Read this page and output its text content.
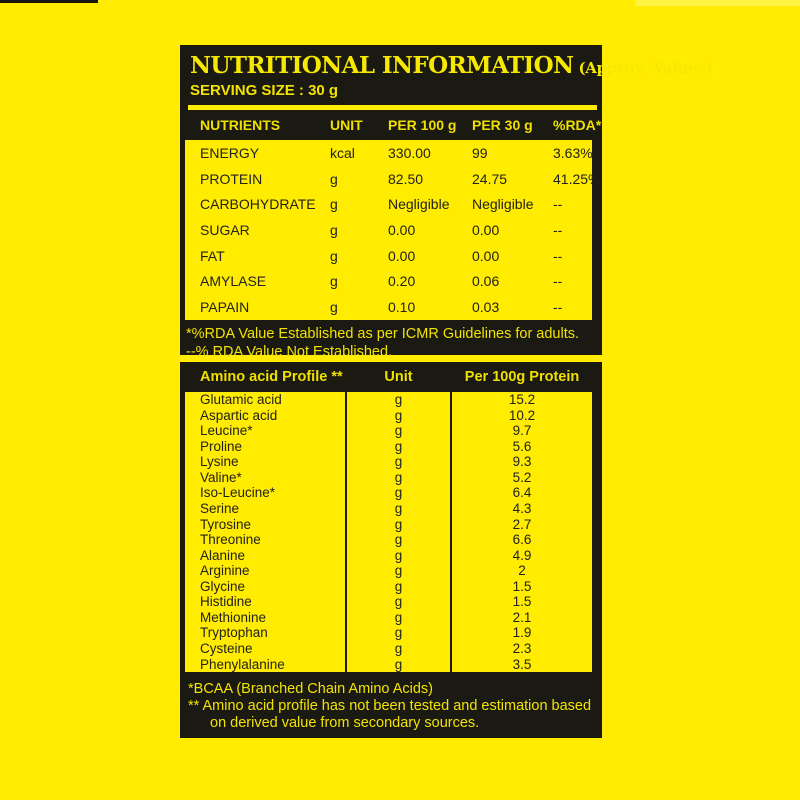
NUTRITIONAL INFORMATION (Approx. Values)
SERVING SIZE : 30 g
NUTRIENTS	UNIT	PER 100 g	PER 30 g	%RDA*
ENERGY	kcal	330.00	99	3.63%
PROTEIN	g	82.50	24.75	41.25%
CARBOHYDRATE	g	Negligible	Negligible	--
SUGAR	g	0.00	0.00	--
FAT	g	0.00	0.00	--
AMYLASE	g	0.20	0.06	--
PAPAIN	g	0.10	0.03	--
*%RDA Value Established as per ICMR Guidelines for adults.
--% RDA Value Not Established.
Amino acid Profile **	Unit	Per 100g Protein
Glutamic acid	g	15.2
Aspartic acid	g	10.2
Leucine*	g	9.7
Proline	g	5.6
Lysine	g	9.3
Valine*	g	5.2
Iso-Leucine*	g	6.4
Serine	g	4.3
Tyrosine	g	2.7
Threonine	g	6.6
Alanine	g	4.9
Arginine	g	2
Glycine	g	1.5
Histidine	g	1.5
Methionine	g	2.1
Tryptophan	g	1.9
Cysteine	g	2.3
Phenylalanine	g	3.5
*BCAA (Branched Chain Amino Acids)
** Amino acid profile has not been tested and estimation based
on derived value from secondary sources.
